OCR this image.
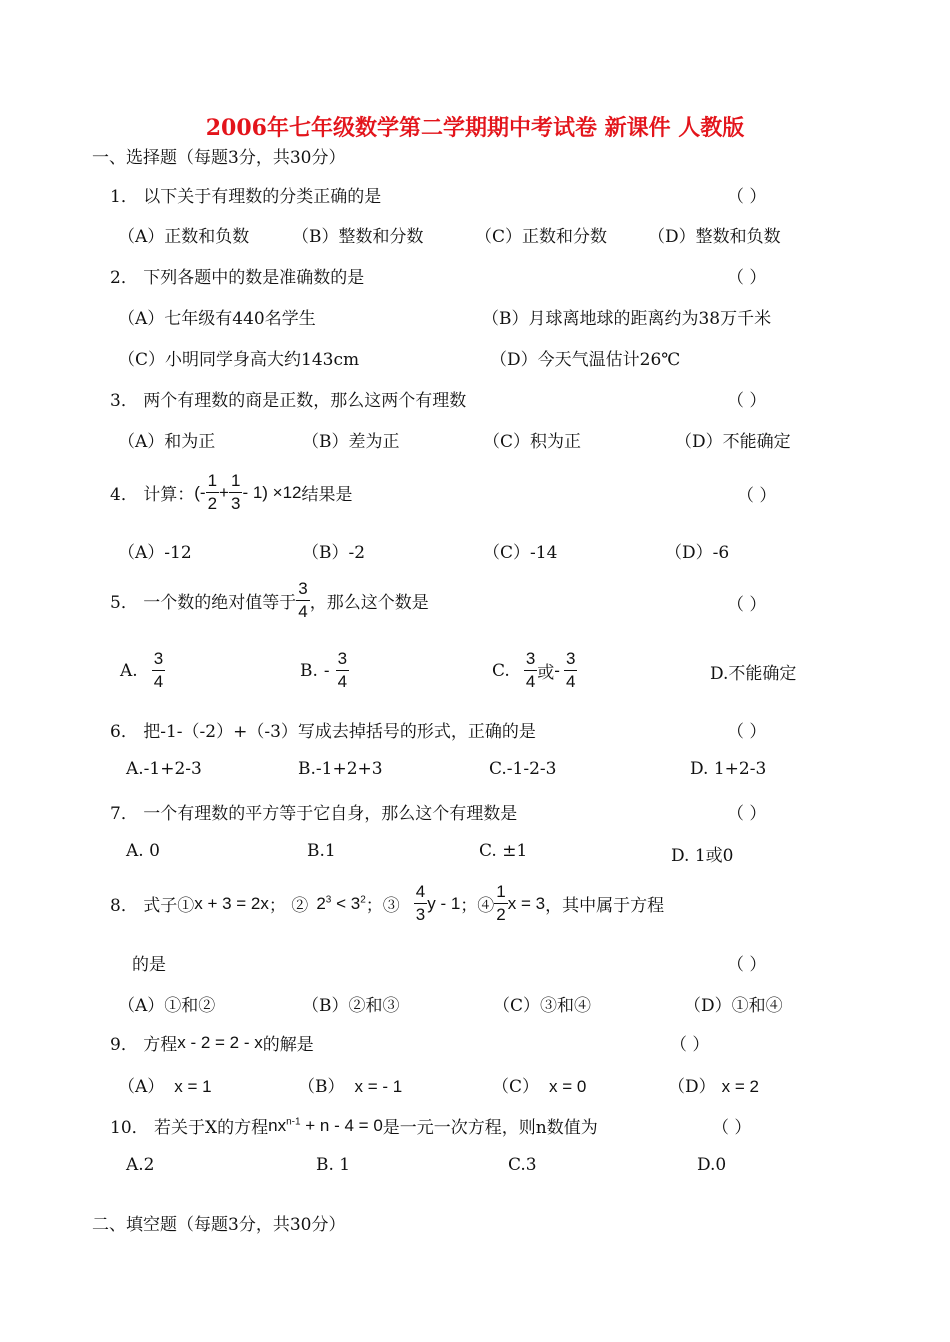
2006年七年级数学第二学期期中考试卷 新课件 人教版
一、选择题（每题3分，共30分）
1． 以下关于有理数的分类正确的是	（ ）
（A）正数和负数	（B）整数和分数	（C）正数和分数 （D）整数和负数
2． 下列各题中的数是准确数的是	（ ）
（A）七年级有440名学生	（B）月球离地球的距离约为38万千米
（C）小明同学身高大约143cm	（D）今天气温估计26℃
3． 两个有理数的商是正数，那么这两个有理数	（ ）
（A）和为正	（B）差为正	（C）积为正	（D）不能确定
4． 计算： (- $\frac{1}{2} + \frac{1}{3} - 1) \times 12$ 结果是	（ ）
（A）-12	（B）-2	（C）-14	（D）-6
5． 一个数的绝对值等于 $\frac{3}{4}$ ，那么这个数是	（ ）
A. $\frac{3}{4}$	B. - $\frac{3}{4}$	C. $\frac{3}{4}$ 或 - $\frac{3}{4}$	D.不能确定
6． 把-1-（-2）+（-3）写成去掉括号的形式，正确的是	（ ）
A.-1+2-3	B.-1+2+3	C.-1-2-3	D. 1+2-3
7． 一个有理数的平方等于它自身，那么这个有理数是	（ ）
A. 0	B.1	C. ±1	D. 1或0
8． 式子① x + 3 = 2x ； ② $2^3 < 3^2$ ；③ $\frac{4}{3}$ y - 1 ；④ $\frac{1}{2}$ x = 3 ，其中属于方程
的是	（ ）
（A）①和②	（B）②和③	（C）③和④	（D）①和④
9． 方程 x - 2 = 2 - x 的解是	（ ）
（A） x = 1	（B） x = - 1	（C） x = 0	（D） x = 2
10． 若关于X的方程 $nx^{n-1} + n - 4 = 0$ 是一元一次方程，则n数值为	（ ）
A.2	B. 1	C.3	D.0
二、填空题（每题3分，共30分）
